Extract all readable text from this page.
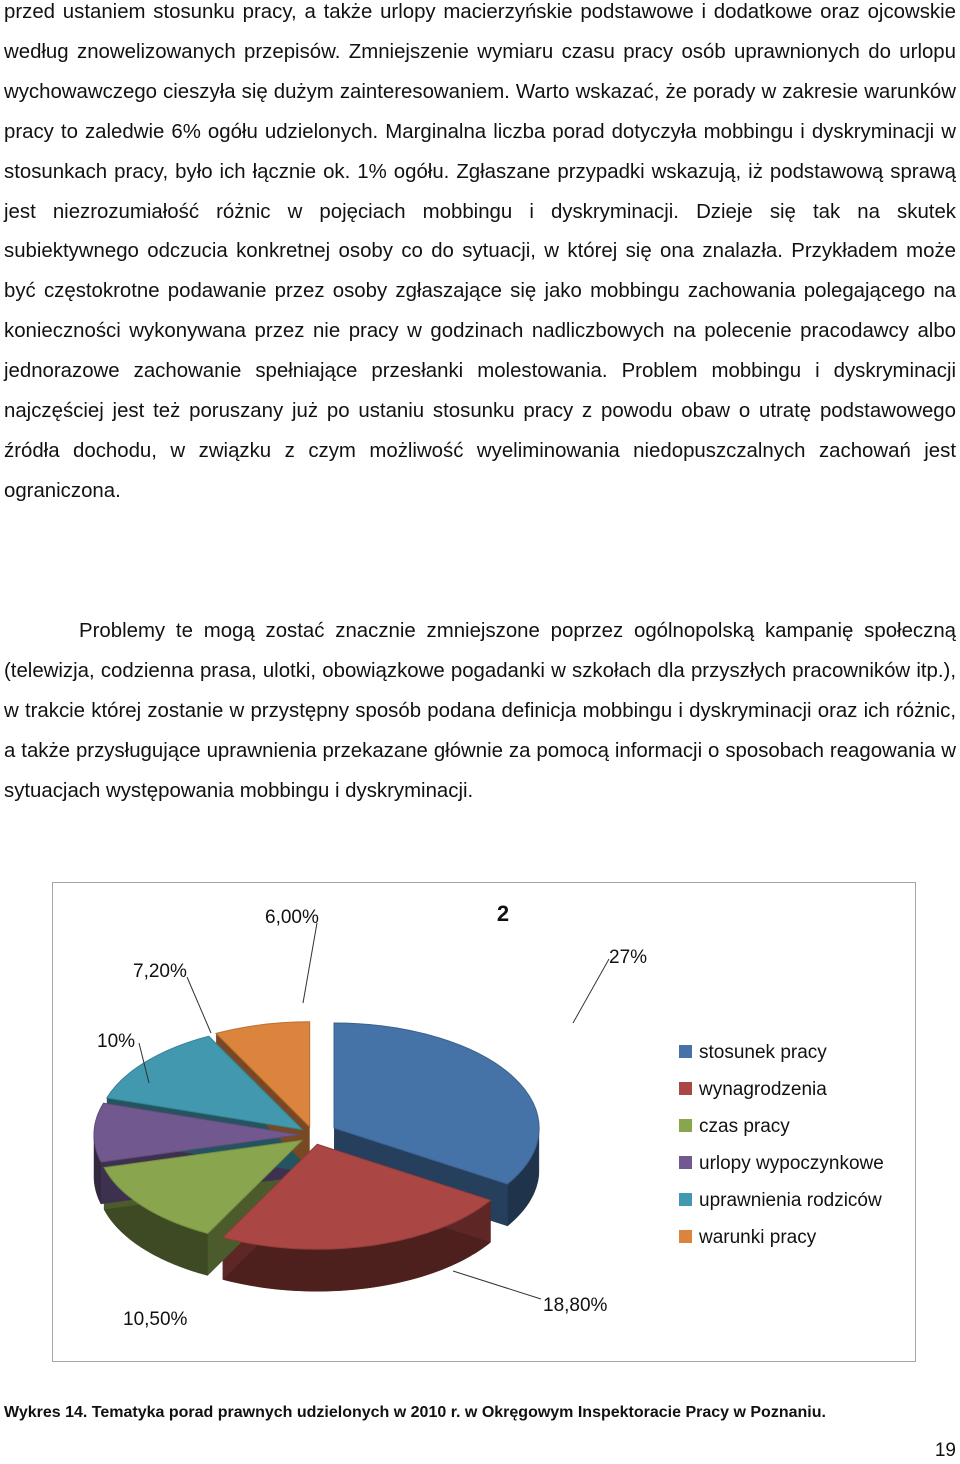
przed ustaniem stosunku pracy, a także urlopy macierzyńskie podstawowe i dodatkowe oraz ojcowskie według znowelizowanych przepisów. Zmniejszenie wymiaru czasu pracy osób uprawnionych do urlopu wychowawczego cieszyła się dużym zainteresowaniem. Warto wskazać, że porady w zakresie warunków pracy to zaledwie 6% ogółu udzielonych. Marginalna liczba porad dotyczyła mobbingu i dyskryminacji w stosunkach pracy, było ich łącznie ok. 1% ogółu. Zgłaszane przypadki wskazują, iż podstawową sprawą jest niezrozumiałość różnic w pojęciach mobbingu i dyskryminacji. Dzieje się tak na skutek subiektywnego odczucia konkretnej osoby co do sytuacji, w której się ona znalazła. Przykładem może być częstokrotne podawanie przez osoby zgłaszające się jako mobbingu zachowania polegającego na konieczności wykonywana przez nie pracy w godzinach nadliczbowych na polecenie pracodawcy albo jednorazowe zachowanie spełniające przesłanki molestowania. Problem mobbingu i dyskryminacji najczęściej jest też poruszany już po ustaniu stosunku pracy z powodu obaw o utratę podstawowego źródła dochodu, w związku z czym możliwość wyeliminowania niedopuszczalnych zachowań jest ograniczona.

Problemy te mogą zostać znacznie zmniejszone poprzez ogólnopolską kampanię społeczną (telewizja, codzienna prasa, ulotki, obowiązkowe pogadanki w szkołach dla przyszłych pracowników itp.), w trakcie której zostanie w przystępny sposób podana definicja mobbingu i dyskryminacji oraz ich różnic, a także przysługujące uprawnienia przekazane głównie za pomocą informacji o sposobach reagowania w sytuacjach występowania mobbingu i dyskryminacji.

27%
18,80%
10,50%
7,20%
10%
6,00%	2
stosunek pracy
wynagrodzenia
czas pracy
urlopy wypoczynkowe
uprawnienia rodziców
warunki pracy

Wykres 14. Tematyka porad prawnych udzielonych w 2010 r. w Okręgowym Inspektoracie Pracy w Poznaniu.

19
